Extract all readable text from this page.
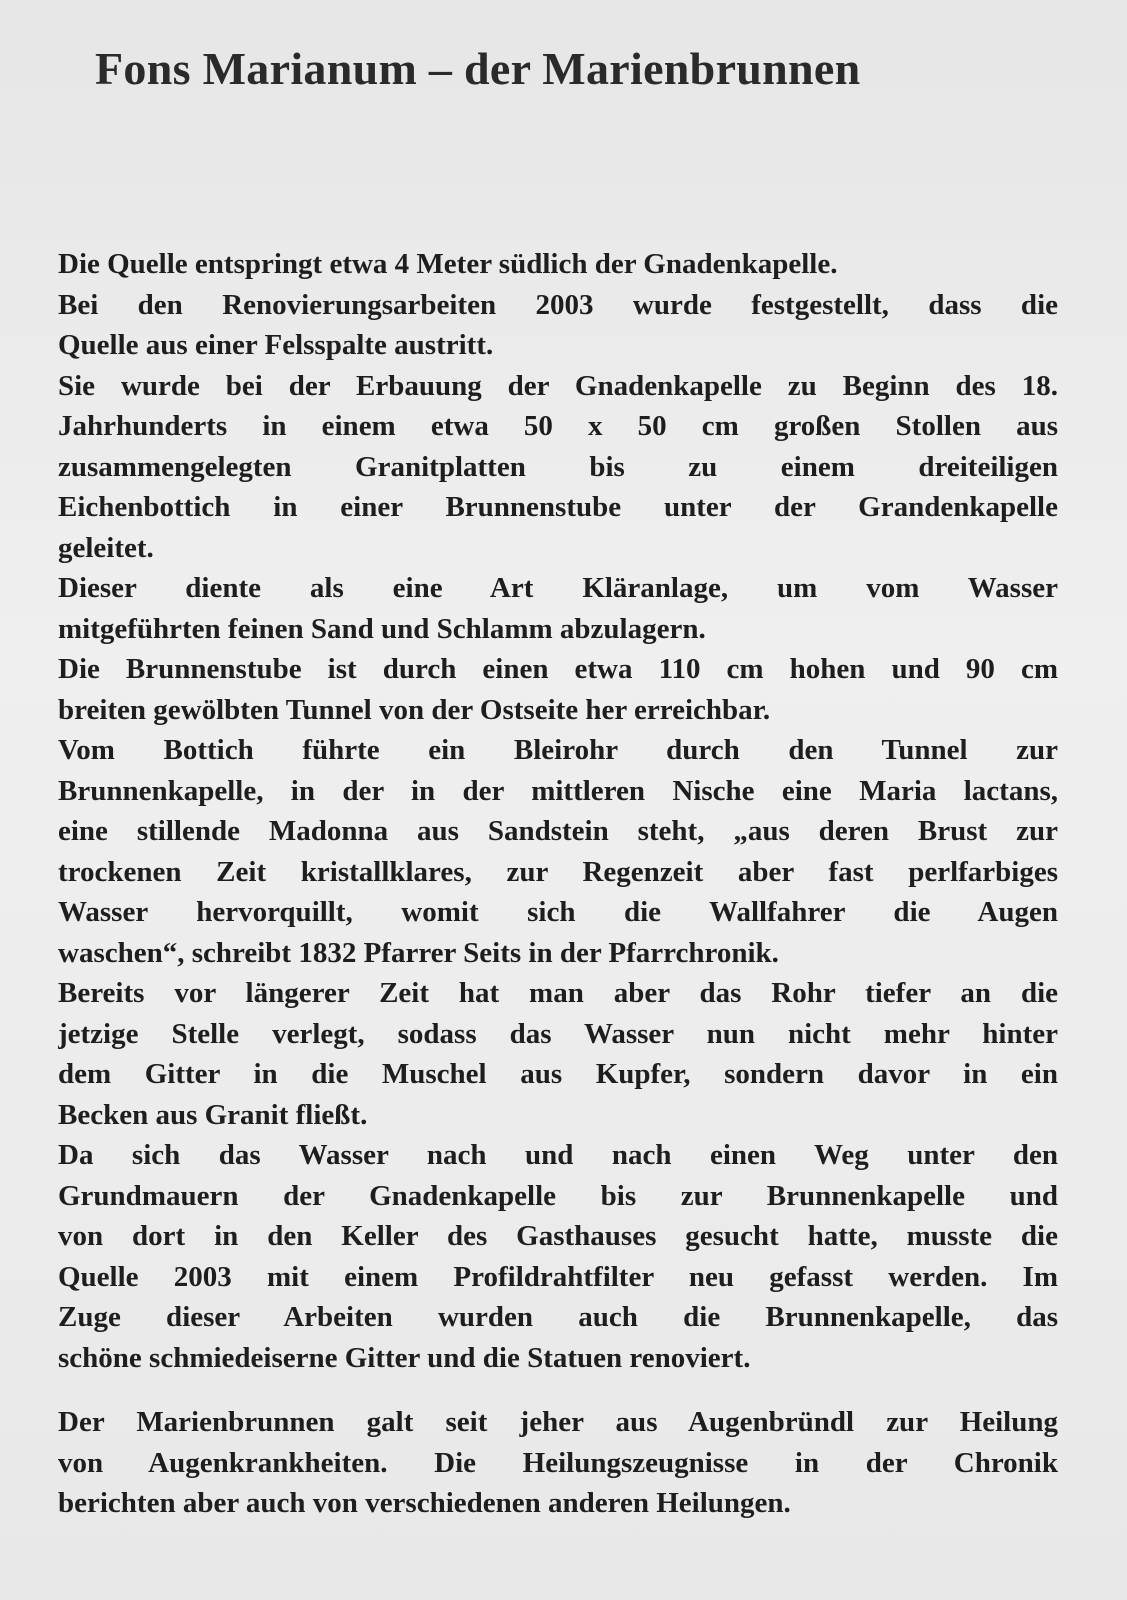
Fons Marianum – der Marienbrunnen
Die Quelle entspringt etwa 4 Meter südlich der Gnadenkapelle.
Bei den Renovierungsarbeiten 2003 wurde festgestellt, dass die
Quelle aus einer Felsspalte austritt.
Sie wurde bei der Erbauung der Gnadenkapelle zu Beginn des 18.
Jahrhunderts in einem etwa 50 x 50 cm großen Stollen aus
zusammengelegten Granitplatten bis zu einem dreiteiligen
Eichenbottich in einer Brunnenstube unter der Grandenkapelle
geleitet.
Dieser diente als eine Art Kläranlage, um vom Wasser
mitgeführten feinen Sand und Schlamm abzulagern.
Die Brunnenstube ist durch einen etwa 110 cm hohen und 90 cm
breiten gewölbten Tunnel von der Ostseite her erreichbar.
Vom Bottich führte ein Bleirohr durch den Tunnel zur
Brunnenkapelle, in der in der mittleren Nische eine Maria lactans,
eine stillende Madonna aus Sandstein steht, „aus deren Brust zur
trockenen Zeit kristallklares, zur Regenzeit aber fast perlfarbiges
Wasser hervorquillt, womit sich die Wallfahrer die Augen
waschen“, schreibt 1832 Pfarrer Seits in der Pfarrchronik.
Bereits vor längerer Zeit hat man aber das Rohr tiefer an die
jetzige Stelle verlegt, sodass das Wasser nun nicht mehr hinter
dem Gitter in die Muschel aus Kupfer, sondern davor in ein
Becken aus Granit fließt.
Da sich das Wasser nach und nach einen Weg unter den
Grundmauern der Gnadenkapelle bis zur Brunnenkapelle und
von dort in den Keller des Gasthauses gesucht hatte, musste die
Quelle 2003 mit einem Profildrahtfilter neu gefasst werden. Im
Zuge dieser Arbeiten wurden auch die Brunnenkapelle, das
schöne schmiedeiserne Gitter und die Statuen renoviert.
Der Marienbrunnen galt seit jeher aus Augenbründl zur Heilung
von Augenkrankheiten. Die Heilungszeugnisse in der Chronik
berichten aber auch von verschiedenen anderen Heilungen.
